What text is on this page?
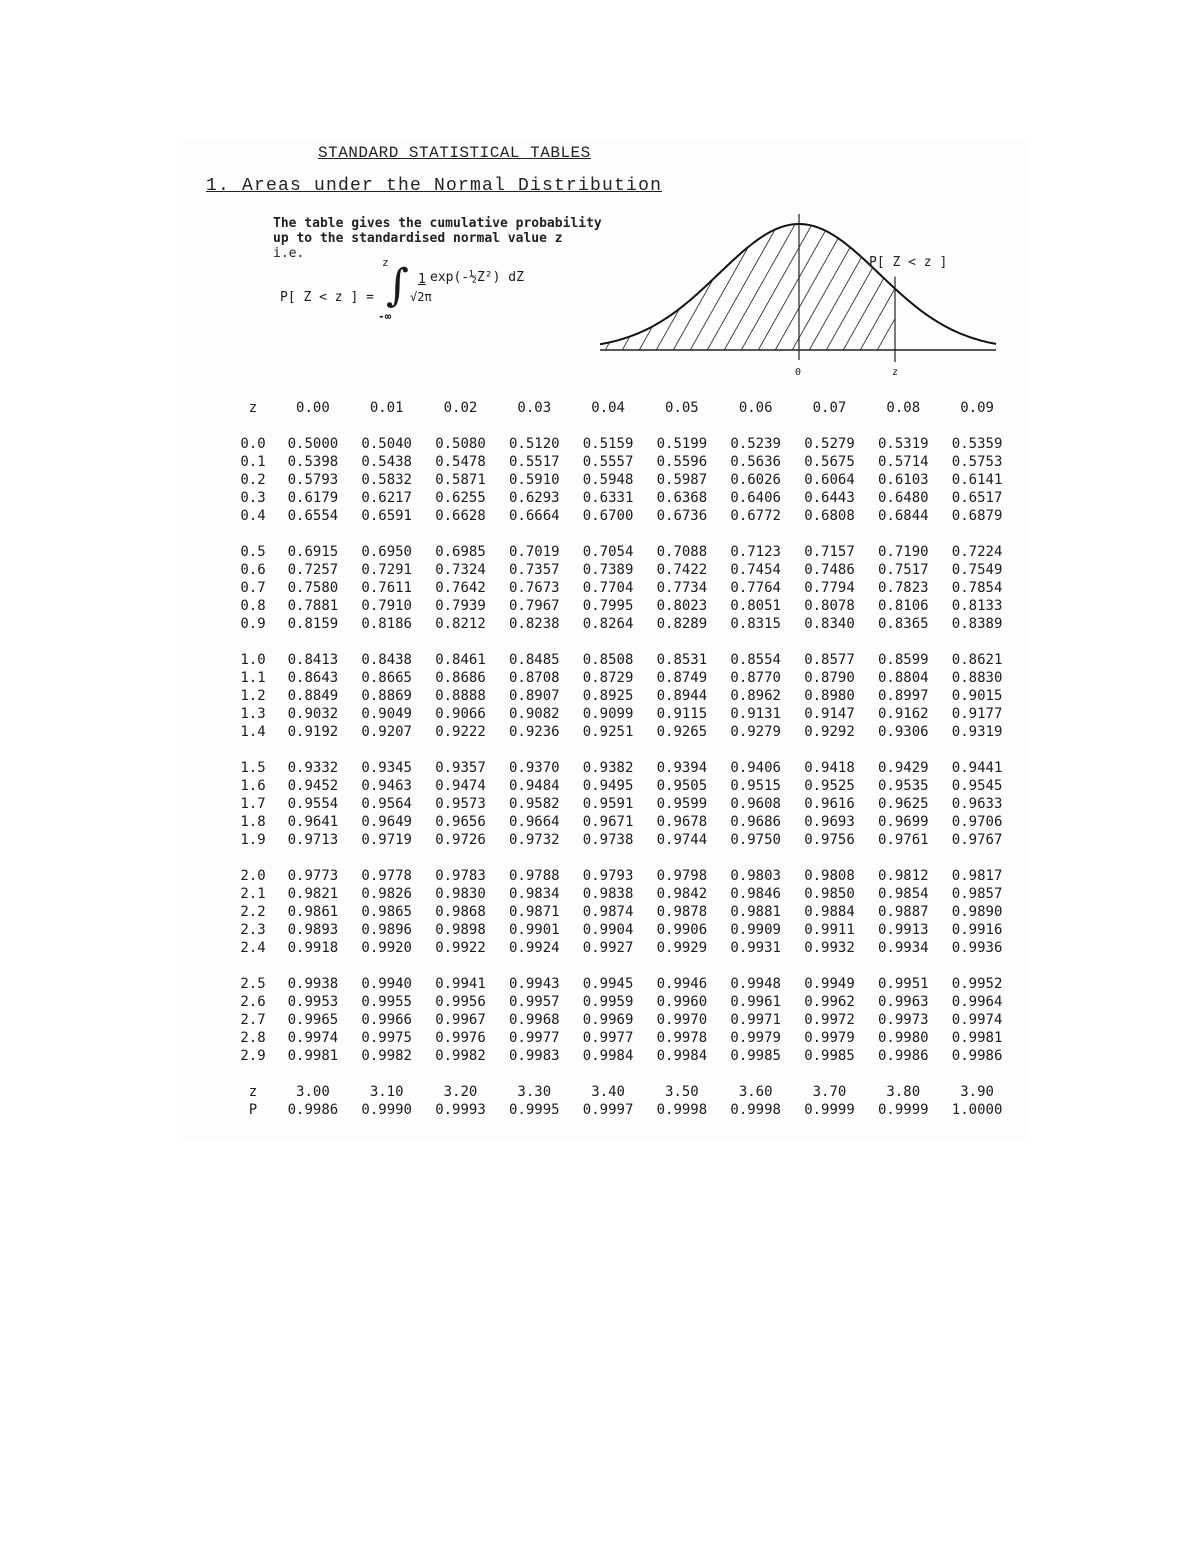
STANDARD STATISTICAL TABLES
1. Areas under the Normal Distribution
The table gives the cumulative probability
up to the standardised normal value z
i.e.
P[ Z < z ] =
z
∫
-∞
1
√2π
exp(-½Z²) dZ
0	z
P[ Z < z ]
z	0.00	0.01	0.02	0.03	0.04	0.05	0.06	0.07	0.08	0.09

0.0	0.5000	0.5040	0.5080	0.5120	0.5159	0.5199	0.5239	0.5279	0.5319	0.5359
0.1	0.5398	0.5438	0.5478	0.5517	0.5557	0.5596	0.5636	0.5675	0.5714	0.5753
0.2	0.5793	0.5832	0.5871	0.5910	0.5948	0.5987	0.6026	0.6064	0.6103	0.6141
0.3	0.6179	0.6217	0.6255	0.6293	0.6331	0.6368	0.6406	0.6443	0.6480	0.6517
0.4	0.6554	0.6591	0.6628	0.6664	0.6700	0.6736	0.6772	0.6808	0.6844	0.6879

0.5	0.6915	0.6950	0.6985	0.7019	0.7054	0.7088	0.7123	0.7157	0.7190	0.7224
0.6	0.7257	0.7291	0.7324	0.7357	0.7389	0.7422	0.7454	0.7486	0.7517	0.7549
0.7	0.7580	0.7611	0.7642	0.7673	0.7704	0.7734	0.7764	0.7794	0.7823	0.7854
0.8	0.7881	0.7910	0.7939	0.7967	0.7995	0.8023	0.8051	0.8078	0.8106	0.8133
0.9	0.8159	0.8186	0.8212	0.8238	0.8264	0.8289	0.8315	0.8340	0.8365	0.8389

1.0	0.8413	0.8438	0.8461	0.8485	0.8508	0.8531	0.8554	0.8577	0.8599	0.8621
1.1	0.8643	0.8665	0.8686	0.8708	0.8729	0.8749	0.8770	0.8790	0.8804	0.8830
1.2	0.8849	0.8869	0.8888	0.8907	0.8925	0.8944	0.8962	0.8980	0.8997	0.9015
1.3	0.9032	0.9049	0.9066	0.9082	0.9099	0.9115	0.9131	0.9147	0.9162	0.9177
1.4	0.9192	0.9207	0.9222	0.9236	0.9251	0.9265	0.9279	0.9292	0.9306	0.9319

1.5	0.9332	0.9345	0.9357	0.9370	0.9382	0.9394	0.9406	0.9418	0.9429	0.9441
1.6	0.9452	0.9463	0.9474	0.9484	0.9495	0.9505	0.9515	0.9525	0.9535	0.9545
1.7	0.9554	0.9564	0.9573	0.9582	0.9591	0.9599	0.9608	0.9616	0.9625	0.9633
1.8	0.9641	0.9649	0.9656	0.9664	0.9671	0.9678	0.9686	0.9693	0.9699	0.9706
1.9	0.9713	0.9719	0.9726	0.9732	0.9738	0.9744	0.9750	0.9756	0.9761	0.9767

2.0	0.9773	0.9778	0.9783	0.9788	0.9793	0.9798	0.9803	0.9808	0.9812	0.9817
2.1	0.9821	0.9826	0.9830	0.9834	0.9838	0.9842	0.9846	0.9850	0.9854	0.9857
2.2	0.9861	0.9865	0.9868	0.9871	0.9874	0.9878	0.9881	0.9884	0.9887	0.9890
2.3	0.9893	0.9896	0.9898	0.9901	0.9904	0.9906	0.9909	0.9911	0.9913	0.9916
2.4	0.9918	0.9920	0.9922	0.9924	0.9927	0.9929	0.9931	0.9932	0.9934	0.9936

2.5	0.9938	0.9940	0.9941	0.9943	0.9945	0.9946	0.9948	0.9949	0.9951	0.9952
2.6	0.9953	0.9955	0.9956	0.9957	0.9959	0.9960	0.9961	0.9962	0.9963	0.9964
2.7	0.9965	0.9966	0.9967	0.9968	0.9969	0.9970	0.9971	0.9972	0.9973	0.9974
2.8	0.9974	0.9975	0.9976	0.9977	0.9977	0.9978	0.9979	0.9979	0.9980	0.9981
2.9	0.9981	0.9982	0.9982	0.9983	0.9984	0.9984	0.9985	0.9985	0.9986	0.9986

z	3.00	3.10	3.20	3.30	3.40	3.50	3.60	3.70	3.80	3.90
P	0.9986	0.9990	0.9993	0.9995	0.9997	0.9998	0.9998	0.9999	0.9999	1.0000
